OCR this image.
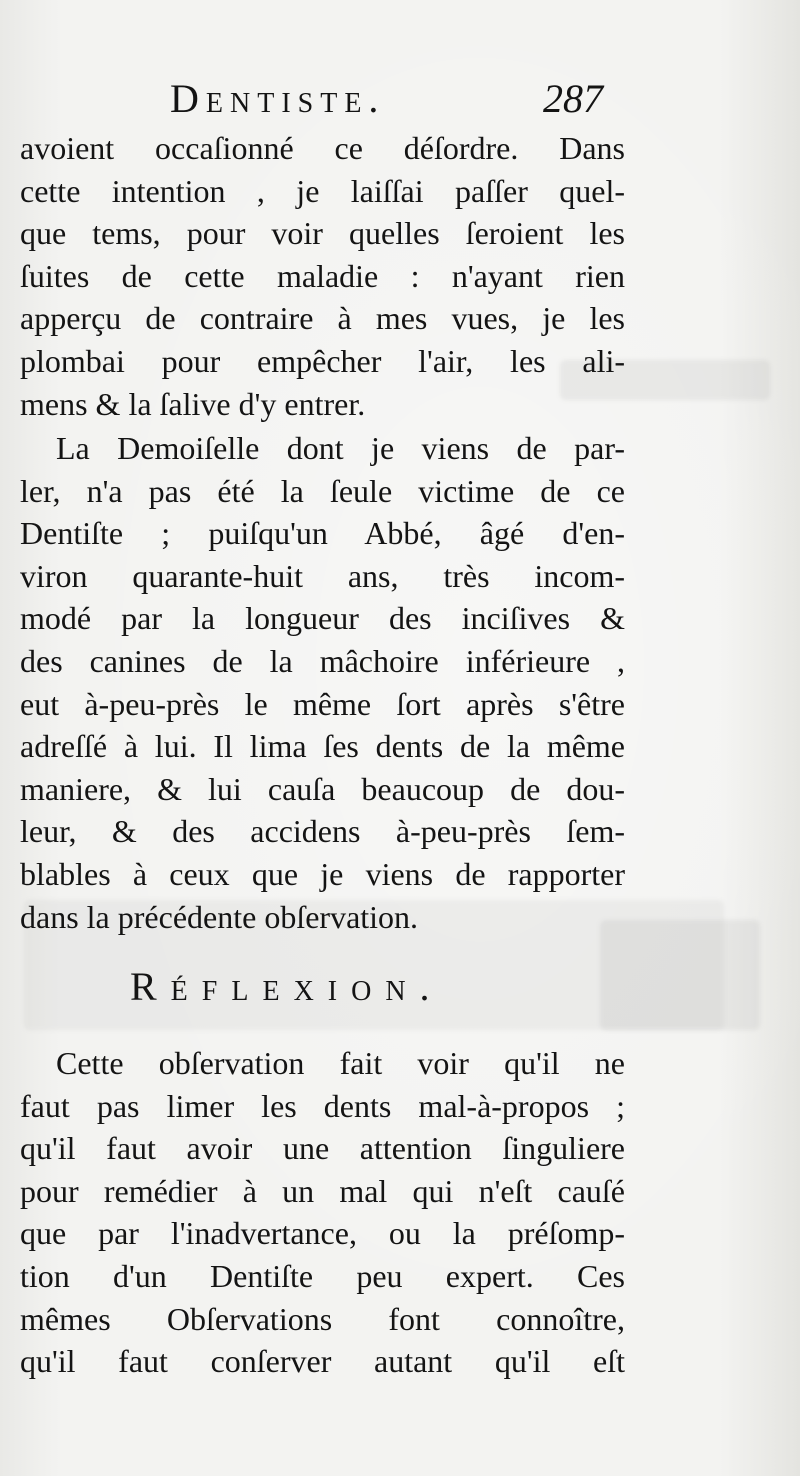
Dentiste.	287
avoient occaſionné ce déſordre. Dans
cette intention , je laiſſai paſſer quel-
que tems, pour voir quelles ſeroient les
ſuites de cette maladie : n'ayant rien
apperçu de contraire à mes vues, je les
plombai pour empêcher l'air, les ali-
mens & la ſalive d'y entrer.
La Demoiſelle dont je viens de par-
ler, n'a pas été la ſeule victime de ce
Dentiſte ; puiſqu'un Abbé, âgé d'en-
viron quarante-huit ans, très incom-
modé par la longueur des inciſives &
des canines de la mâchoire inférieure ,
eut à-peu-près le même ſort après s'être
adreſſé à lui. Il lima ſes dents de la même
maniere, & lui cauſa beaucoup de dou-
leur, & des accidens à-peu-près ſem-
blables à ceux que je viens de rapporter
dans la précédente obſervation.
Réflexion.
Cette obſervation fait voir qu'il ne
faut pas limer les dents mal-à-propos ;
qu'il faut avoir une attention ſinguliere
pour remédier à un mal qui n'eſt cauſé
que par l'inadvertance, ou la préſomp-
tion d'un Dentiſte peu expert. Ces
mêmes Obſervations font connoître,
qu'il faut conſerver autant qu'il eſt
